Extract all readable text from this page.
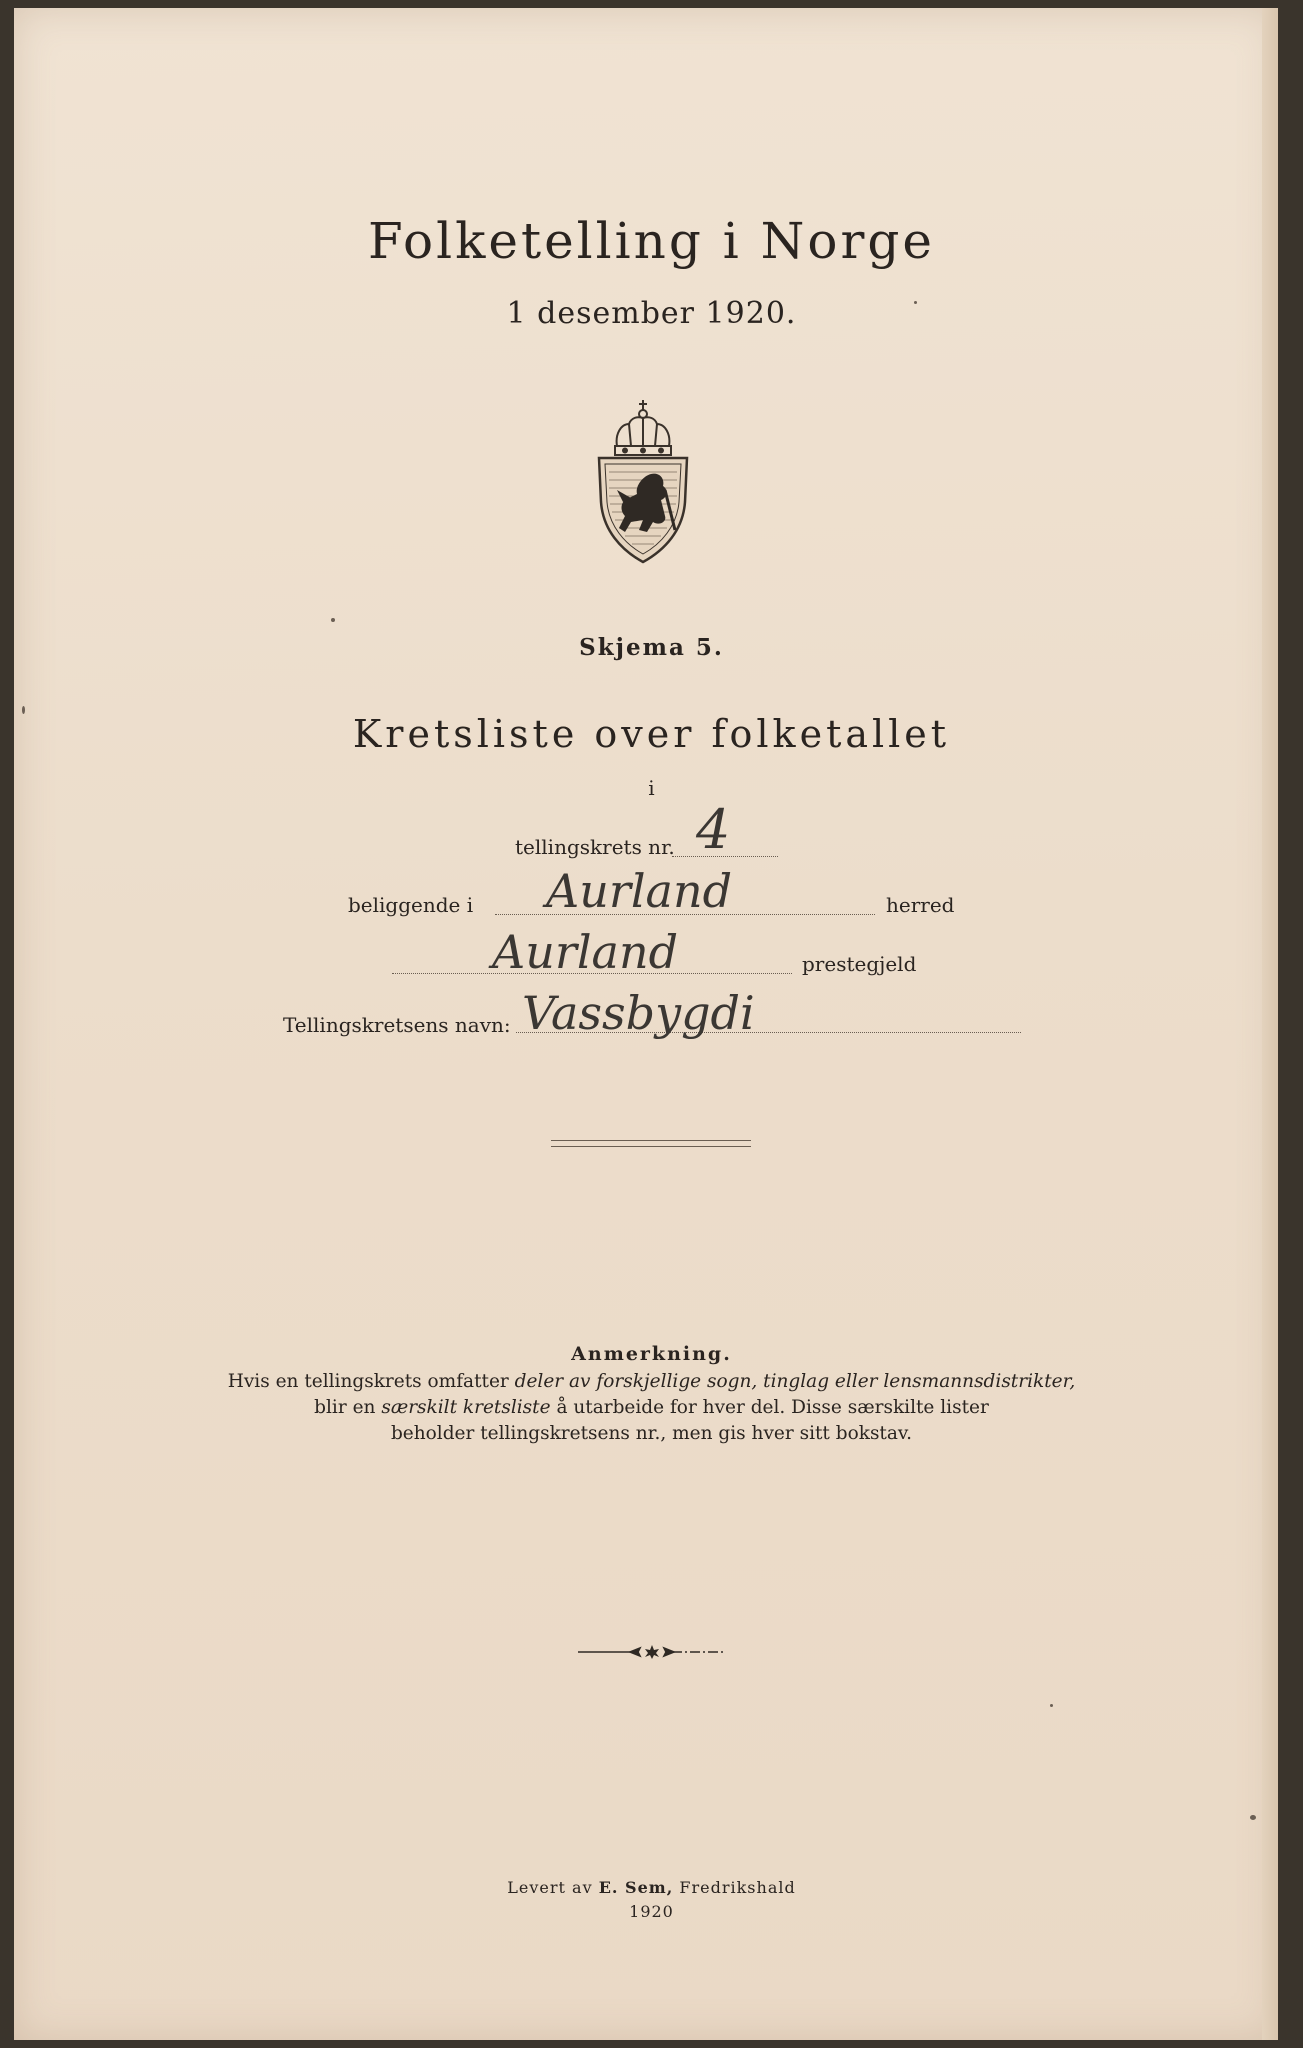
Folketelling i Norge
1 desember 1920.
Skjema 5.
Kretsliste over folketallet
i
tellingskrets nr. 4
beliggende i Aurland	herred
Aurland	prestegjeld
Tellingskretsens navn: Vassbygdi
Anmerkning.
Hvis en tellingskrets omfatter deler av forskjellige sogn, tinglag eller lensmannsdistrikter,
blir en særskilt kretsliste å utarbeide for hver del. Disse særskilte lister
beholder tellingskretsens nr., men gis hver sitt bokstav.
Levert av E. Sem, Fredrikshald
1920
